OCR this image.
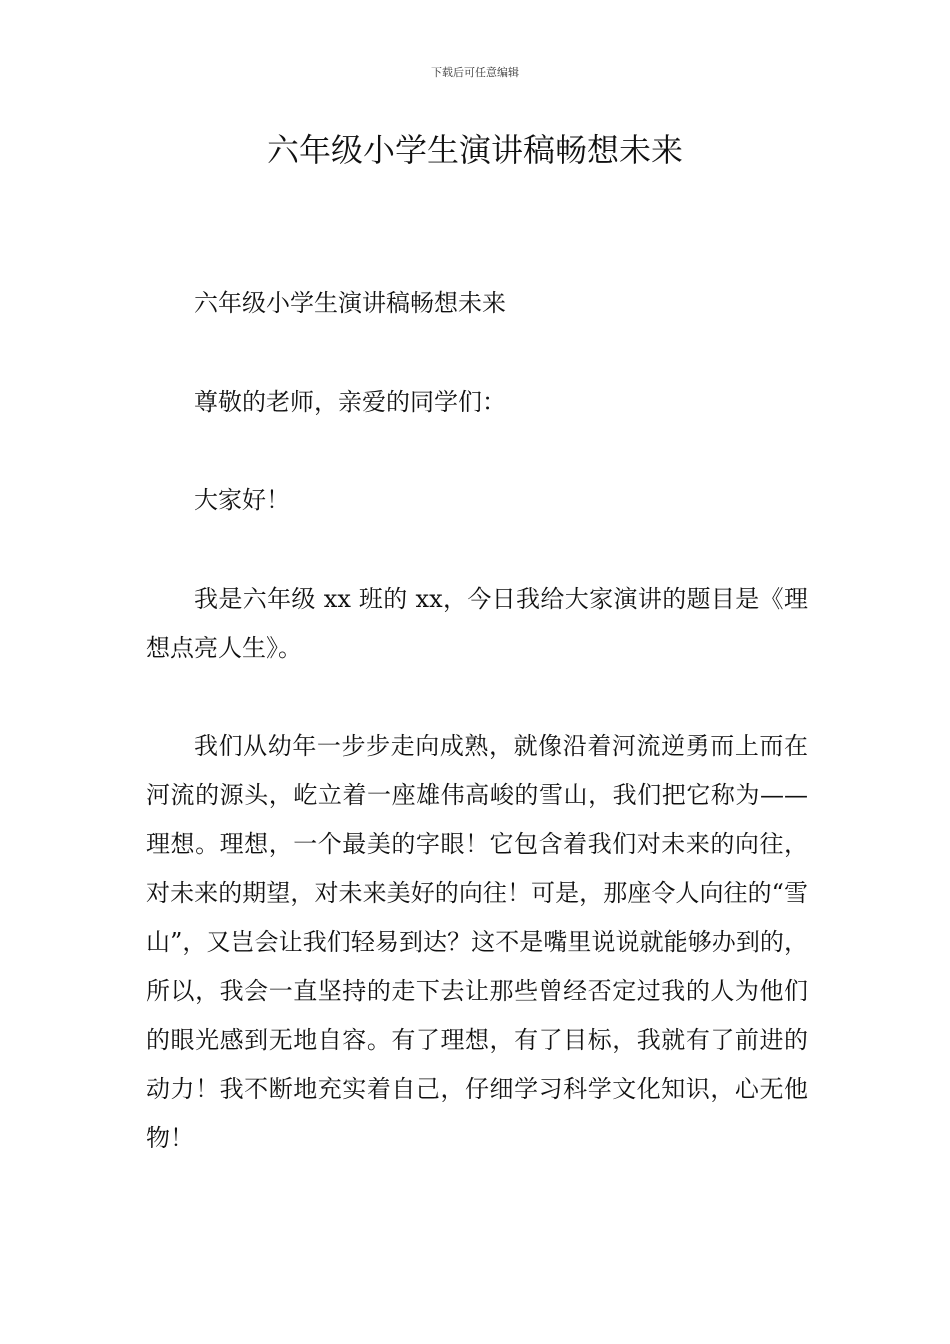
下载后可任意编辑
六年级小学生演讲稿畅想未来

六年级小学生演讲稿畅想未来

尊敬的老师，亲爱的同学们：

大家好！

我是六年级 xx 班的 xx，今日我给大家演讲的题目是《理想点亮人生》。

我们从幼年一步步走向成熟，就像沿着河流逆勇而上而在河流的源头，屹立着一座雄伟高峻的雪山，我们把它称为——理想。理想，一个最美的字眼！它包含着我们对未来的向往，对未来的期望，对未来美好的向往！可是，那座令人向往的“雪山”，又岂会让我们轻易到达？这不是嘴里说说就能够办到的，所以，我会一直坚持的走下去让那些曾经否定过我的人为他们的眼光感到无地自容。有了理想，有了目标，我就有了前进的动力！我不断地充实着自己，仔细学习科学文化知识，心无他物！
